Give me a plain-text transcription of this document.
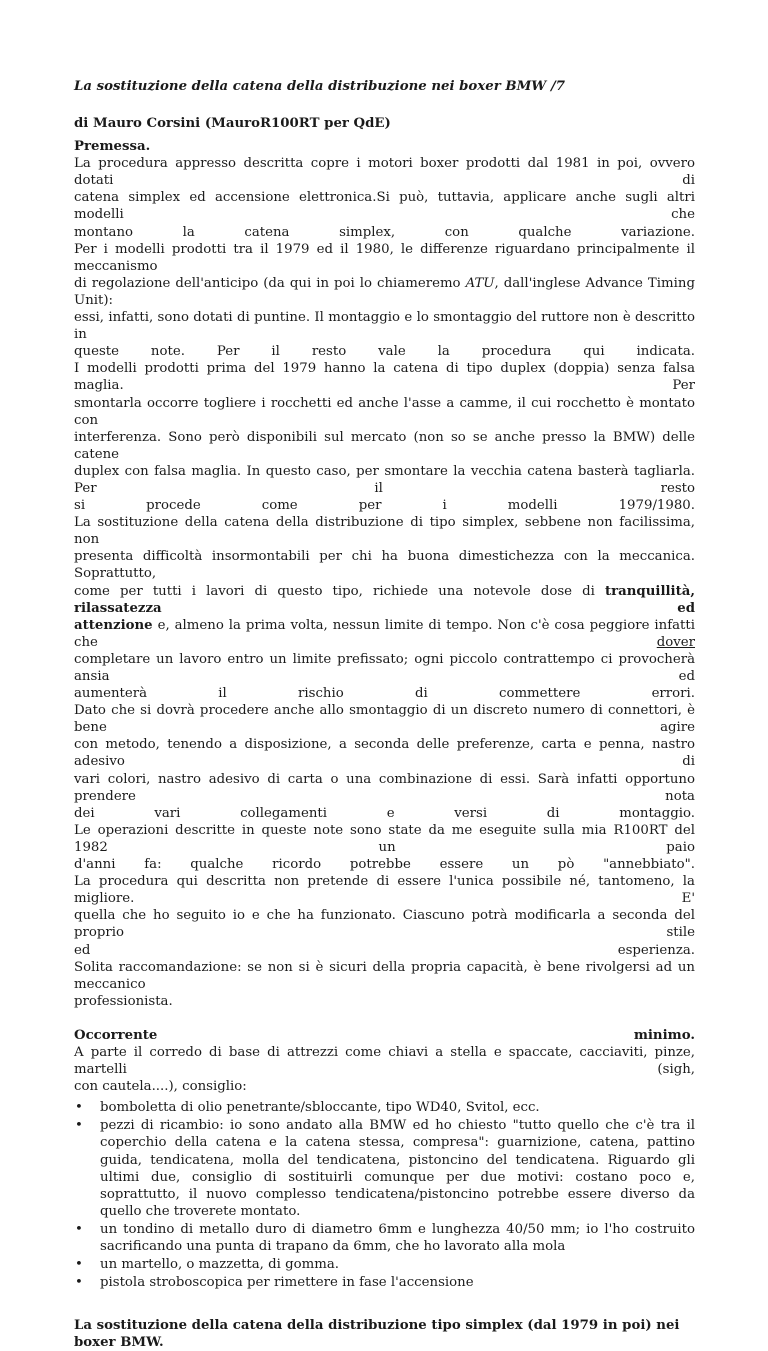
La sostituzione della catena della distribuzione nei boxer BMW /7

di Mauro Corsini (MauroR100RT per QdE)

Premessa.

La procedura appresso descritta copre i motori boxer prodotti dal 1981 in poi, ovvero dotati di

catena simplex ed accensione elettronica.Si può, tuttavia, applicare anche sugli altri modelli che

montano la catena simplex, con qualche variazione.

Per i modelli prodotti tra il 1979 ed il 1980, le differenze riguardano principalmente il meccanismo

di regolazione dell'anticipo (da qui in poi lo chiameremo ATU, dall'inglese Advance Timing Unit):

essi, infatti, sono dotati di puntine. Il montaggio e lo smontaggio del ruttore non è descritto in

queste note. Per il resto vale la procedura qui indicata.

I modelli prodotti prima del 1979 hanno la catena di tipo duplex (doppia) senza falsa maglia. Per

smontarla occorre togliere i rocchetti ed anche l'asse a camme, il cui rocchetto è montato con

interferenza. Sono però disponibili sul mercato (non so se anche presso la BMW) delle catene

duplex con falsa maglia. In questo caso, per smontare la vecchia catena basterà tagliarla. Per il resto

si procede come per i modelli 1979/1980.

La sostituzione della catena della distribuzione di tipo simplex, sebbene non facilissima, non

presenta difficoltà insormontabili per chi ha buona dimestichezza con la meccanica. Soprattutto,

come per tutti i lavori di questo tipo, richiede una notevole dose di tranquillità, rilassatezza ed

attenzione e, almeno la prima volta, nessun limite di tempo. Non c'è cosa peggiore infatti che dover

completare un lavoro entro un limite prefissato; ogni piccolo contrattempo ci provocherà ansia ed

aumenterà il rischio di commettere errori.

Dato che si dovrà procedere anche allo smontaggio di un discreto numero di connettori, è bene agire

con metodo, tenendo a disposizione, a seconda delle preferenze, carta e penna, nastro adesivo di

vari colori, nastro adesivo di carta o una combinazione di essi. Sarà infatti opportuno prendere nota

dei vari collegamenti e versi di montaggio.

Le operazioni descritte in queste note sono state da me eseguite sulla mia R100RT del 1982 un paio

d'anni fa: qualche ricordo potrebbe essere un pò "annebbiato".

La procedura qui descritta non pretende di essere l'unica possibile né, tantomeno, la migliore. E'

quella che ho seguito io e che ha funzionato. Ciascuno potrà modificarla a seconda del proprio stile

ed esperienza.

Solita raccomandazione: se non si è sicuri della propria capacità, è bene rivolgersi ad un meccanico

professionista.

Occorrente	minimo.

A parte il corredo di base di attrezzi come chiavi a stella e spaccate, cacciaviti, pinze, martelli (sigh,

con cautela....), consiglio:

• bomboletta di olio penetrante/sbloccante, tipo WD40, Svitol, ecc.
• pezzi di ricambio: io sono andato alla BMW ed ho chiesto "tutto quello che c'è tra il coperchio della catena e la catena stessa, compresa": guarnizione, catena, pattino guida, tendicatena, molla del tendicatena, pistoncino del tendicatena. Riguardo gli ultimi due, consiglio di sostituirli comunque per due motivi: costano poco e, soprattutto, il nuovo complesso tendicatena/pistoncino potrebbe essere diverso da quello che troverete montato.
• un tondino di metallo duro di diametro 6mm e lunghezza 40/50 mm; io l'ho costruito sacrificando una punta di trapano da 6mm, che ho lavorato alla mola
• un martello, o mazzetta, di gomma.
• pistola stroboscopica per rimettere in fase l'accensione

La sostituzione della catena della distribuzione tipo simplex (dal 1979 in poi) nei boxer BMW.
